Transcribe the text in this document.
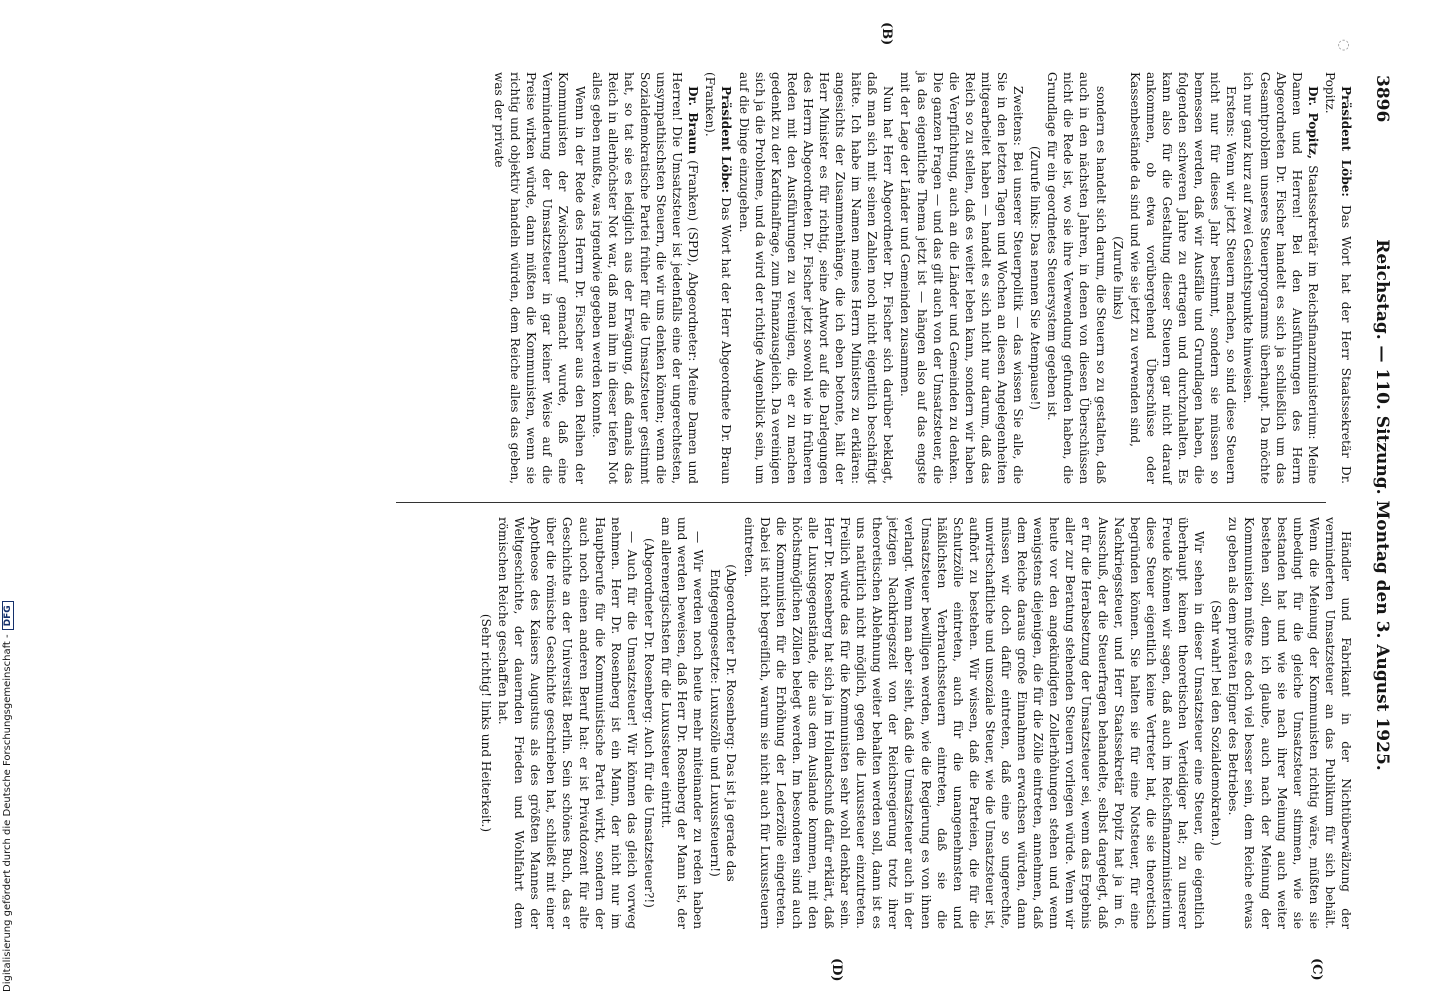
3896
Reichstag. — 110. Sitzung. Montag den 3. August 1925.
◌

Präsident Löbe: Das Wort hat der Herr Staatssekretär Dr. Popitz.

Dr. Popitz, Staatssekretär im Reichsfinanzministerium: Meine Damen und Herren! Bei den Ausführungen des Herrn Abgeordneten Dr. Fischer handelt es sich ja schließlich um das Gesamtproblem unseres Steuerprogramms überhaupt. Da möchte ich nur ganz kurz auf zwei Gesichtspunkte hinweisen.

Erstens: Wenn wir jetzt Steuern machen, so sind diese Steuern nicht nur für dieses Jahr bestimmt, sondern sie müssen so bemessen werden, daß wir Ausfälle und Grundlagen haben, die folgenden schweren Jahre zu ertragen und durchzuhalten. Es kann also für die Gestaltung dieser Steuern gar nicht darauf ankommen, ob etwa vorübergehend Überschüsse oder Kassenbestände da sind und wie sie jetzt zu verwenden sind,

(Zurufe links)

sondern es handelt sich darum, die Steuern so zu gestalten, daß auch in den nächsten Jahren, in denen von diesen Überschüssen nicht die Rede ist, wo sie ihre Verwendung gefunden haben, die Grundlage für ein geordnetes Steuersystem gegeben ist.

(Zurufe links: Das nennen Sie Atempause!)

Zweitens: Bei unserer Steuerpolitik — das wissen Sie alle, die Sie in den letzten Tagen und Wochen an diesen Angelegenheiten mitgearbeitet haben — handelt es sich nicht nur darum, daß das Reich so zu stellen, daß es weiter leben kann, sondern wir haben die Verpflichtung, auch an die Länder und Gemeinden zu denken. Die ganzen Fragen — und das gilt auch von der Umsatzsteuer, die ja das eigentliche Thema jetzt ist — hängen also auf das engste mit der Lage der Länder und Gemeinden zusammen.

Nun hat Herr Abgeordneter Dr. Fischer sich darüber beklagt, daß man sich mit seinen Zahlen noch nicht eigentlich beschäftigt hätte. Ich habe im Namen meines Herrn Ministers zu erklären: angesichts der Zusammenhänge, die ich eben betonte, hält der Herr Minister es für richtig, seine Antwort auf die Darlegungen des Herrn Abgeordneten Dr. Fischer jetzt sowohl wie in früheren Reden mit den Ausführungen zu vereinigen, die er zu machen gedenkt zu der Kardinalfrage, zum Finanzausgleich. Da vereinigen sich ja die Probleme, und da wird der richtige Augenblick sein, um auf die Dinge einzugehen.

Präsident Löbe: Das Wort hat der Herr Abgeordnete Dr. Braun (Franken).

Dr. Braun (Franken) (SPD), Abgeordneter: Meine Damen und Herren! Die Umsatzsteuer ist jedenfalls eine der ungerechtesten, unsympathischsten Steuern, die wir uns denken können; wenn die Sozialdemokratische Partei früher für die Umsatzsteuer gestimmt hat, so tat sie es lediglich aus der Erwägung, daß damals das Reich in allerhöchster Not war, daß man ihm in dieser tiefen Not alles geben mußte, was irgendwie gegeben werden konnte.

Wenn in der Rede des Herrn Dr. Fischer aus den Reihen der Kommunisten der Zwischenruf gemacht wurde, daß eine Verminderung der Umsatzsteuer in gar keiner Weise auf die Preise wirken würde, dann müßten die Kommunisten, wenn sie richtig und objektiv handeln würden, dem Reiche alles das geben, was der private

Händler und Fabrikant in der Nichtüberwälzung der verminderten Umsatzsteuer an das Publikum für sich behält. Wenn die Meinung der Kommunisten richtig wäre, müßten sie unbedingt für die gleiche Umsatzsteuer stimmen, wie sie bestanden hat und wie sie nach ihrer Meinung auch weiter bestehen soll, denn ich glaube, auch nach der Meinung der Kommunisten müßte es doch viel besser sein, dem Reiche etwas zu geben als dem privaten Eigner des Betriebes.

(Sehr wahr! bei den Sozialdemokraten.)

Wir sehen in dieser Umsatzsteuer eine Steuer, die eigentlich überhaupt keinen theoretischen Verteidiger hat; zu unserer Freude können wir sagen, daß auch im Reichsfinanzministerium diese Steuer eigentlich keine Vertreter hat, die sie theoretisch begründen können. Sie halten sie für eine Notsteuer, für eine Nachkriegssteuer, und Herr Staatssekretär Popitz hat ja im 6. Ausschuß, der die Steuerfragen behandelte, selbst dargelegt, daß er für die Herabsetzung der Umsatzsteuer sei, wenn das Ergebnis aller zur Beratung stehenden Steuern vorliegen würde. Wenn wir heute vor den angekündigten Zollerhöhungen stehen und wenn wenigstens diejenigen, die für die Zölle eintreten, annehmen, daß dem Reiche daraus große Einnahmen erwachsen würden, dann müssen wir doch dafür eintreten, daß eine so ungerechte, unwirtschaftliche und unsoziale Steuer, wie die Umsatzsteuer ist, aufhört zu bestehen. Wir wissen, daß die Parteien, die für die Schutzzölle eintreten, auch für die unangenehmsten und häßlichsten Verbrauchssteuern eintreten, daß sie die Umsatzsteuer bewilligen werden, wie die Regierung es von ihnen verlangt. Wenn man aber sieht, daß die Umsatzsteuer auch in der jetzigen Nachkriegszeit von der Reichsregierung trotz ihrer theoretischen Ablehnung weiter behalten werden soll, dann ist es uns natürlich nicht möglich, gegen die Luxussteuer einzutreten. Freilich würde das für die Kommunisten sehr wohl denkbar sein. Herr Dr. Rosenberg hat sich ja im Hollandschuß dafür erklärt, daß alle Luxusgegenstände, die aus dem Auslande kommen, mit den höchstmöglichen Zöllen belegt werden. Im besonderen sind auch die Kommunisten für die Erhöhung der Lederzölle eingetreten. Dabei ist nicht begreiflich, warum sie nicht auch für Luxussteuern eintreten.

(Abgeordneter Dr. Rosenberg: Das ist ja gerade das Entgegengesetzte: Luxuszölle und Luxussteuern!)

— Wir werden noch heute mehr miteinander zu reden haben und werden beweisen, daß Herr Dr. Rosenberg der Mann ist, der am allerenergischsten für die Luxussteuer eintritt.

(Abgeordneter Dr. Rosenberg: Auch für die Umsatzsteuer?!)

— Auch für die Umsatzsteuer! Wir können das gleich vorweg nehmen. Herr Dr. Rosenberg ist ein Mann, der nicht nur im Hauptberufe für die Kommunistische Partei wirkt, sondern der auch noch einen anderen Beruf hat: er ist Privatdozent für alte Geschichte an der Universität Berlin. Sein schönes Buch, das er über die römische Geschichte geschrieben hat, schließt mit einer Apotheose des Kaisers Augustus als des größten Mannes der Weltgeschichte, der dauernden Frieden und Wohlfahrt dem römischen Reiche geschaffen hat.

(Sehr richtig! links und Heiterkeit.)

(B)
(C)
(D)
Digitalisierung gefördert durch die Deutsche Forschungsgemeinschaft -DFG
